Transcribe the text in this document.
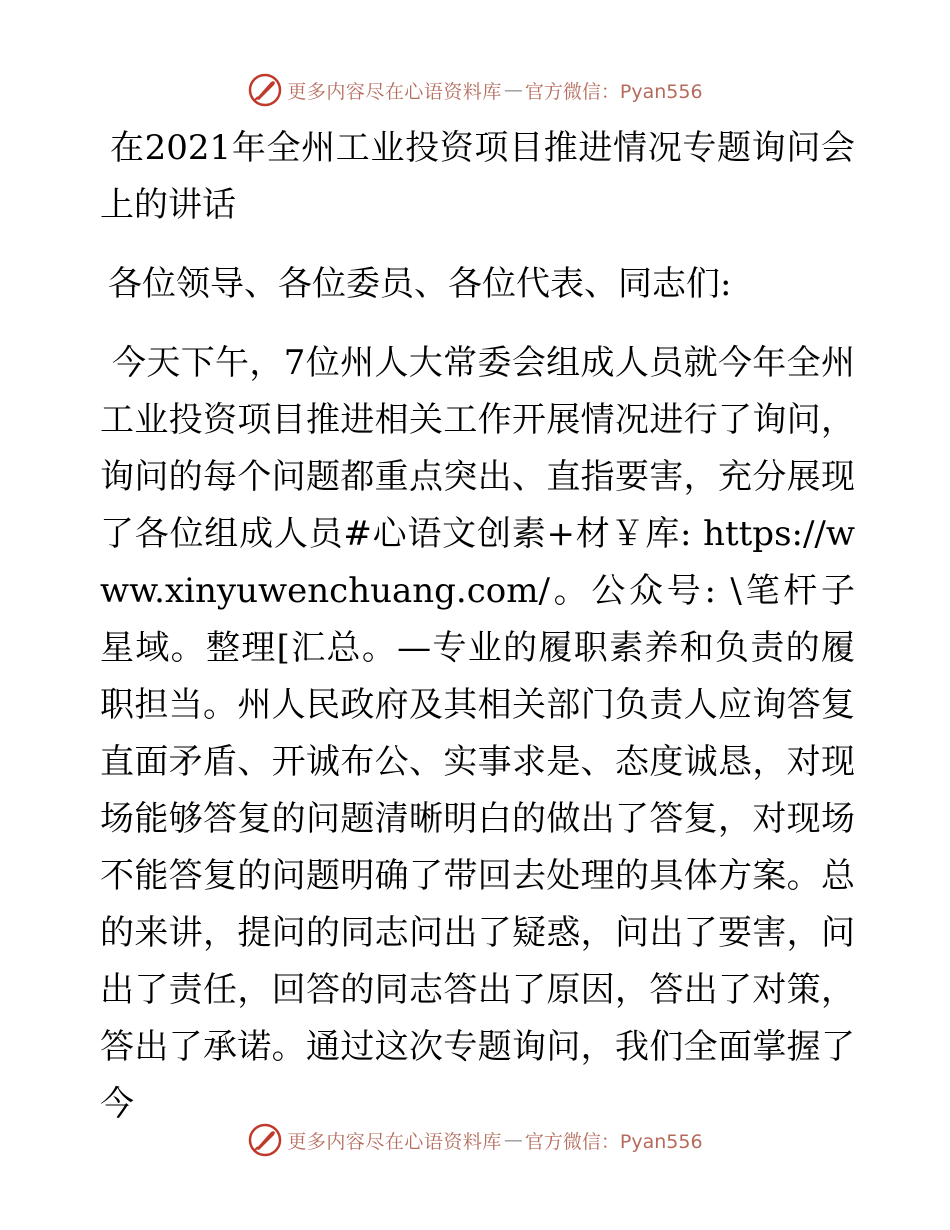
更多内容尽在心语资料库 — 官方微信：Pyan556

在2021年全州工业投资项目推进情况专题询问会上的讲话

各位领导、各位委员、各位代表、同志们:

今天下午，7位州人大常委会组成人员就今年全州工业投资项目推进相关工作开展情况进行了询问，询问的每个问题都重点突出、直指要害，充分展现了各位组成人员#心语文创素+材￥库: https://www.xinyuwenchuang.com/。公众号: \笔杆子星域。整理[汇总。—专业的履职素养和负责的履职担当。州人民政府及其相关部门负责人应询答复直面矛盾、开诚布公、实事求是、态度诚恳，对现场能够答复的问题清晰明白的做出了答复，对现场不能答复的问题明确了带回去处理的具体方案。总的来讲，提问的同志问出了疑惑，问出了要害，问出了责任，回答的同志答出了原因，答出了对策，答出了承诺。通过这次专题询问，我们全面掌握了今

更多内容尽在心语资料库 — 官方微信：Pyan556
